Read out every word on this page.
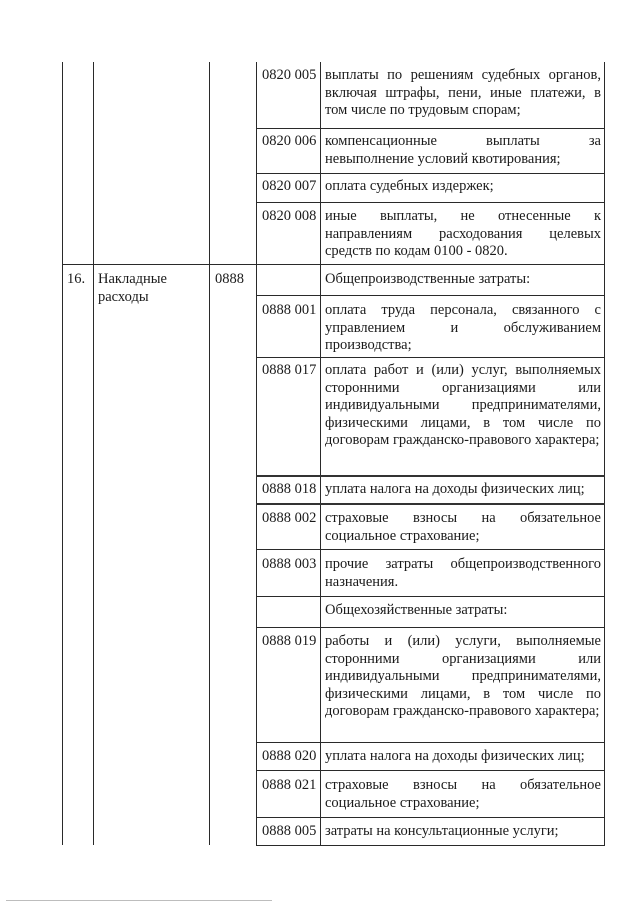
16. Накладные расходы
0888
0820 005 выплаты по решениям судебных органов, включая штрафы, пени, иные платежи, в том числе по трудовым спорам;
0820 006 компенсационные выплаты за невыполнение условий квотирования;
0820 007 оплата судебных издержек;
0820 008 иные выплаты, не отнесенные к направлениям расходования целевых средств по кодам 0100 - 0820.
Общепроизводственные затраты:
0888 001 оплата труда персонала, связанного с управлением и обслуживанием производства;
0888 017 оплата работ и (или) услуг, выполняемых сторонними организациями или индивидуальными предпринимателями, физическими лицами, в том числе по договорам гражданско-правового характера;
0888 018 уплата налога на доходы физических лиц;
0888 002 страховые взносы на обязательное социальное страхование;
0888 003 прочие затраты общепроизводственного назначения.
Общехозяйственные затраты:
0888 019 работы и (или) услуги, выполняемые сторонними организациями или индивидуальными предпринимателями, физическими лицами, в том числе по договорам гражданско-правового характера;
0888 020 уплата налога на доходы физических лиц;
0888 021 страховые взносы на обязательное социальное страхование;
0888 005 затраты на консультационные услуги;
